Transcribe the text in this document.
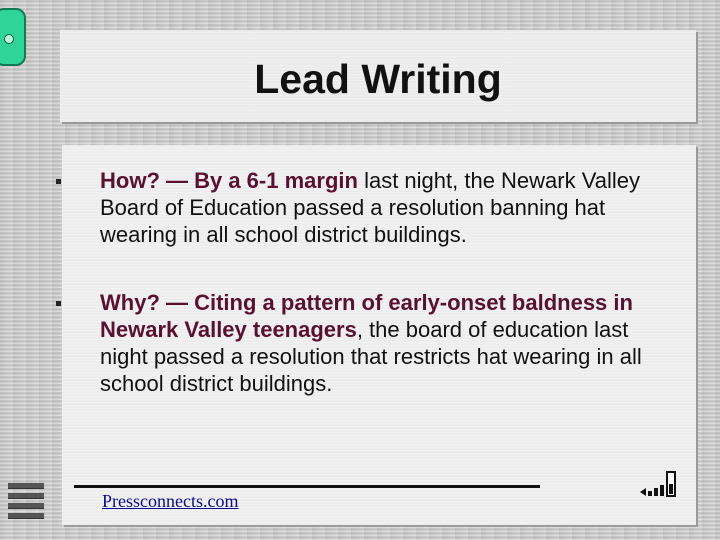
Lead Writing
How? — By a 6-1 margin last night, the Newark Valley Board of Education passed a resolution banning hat wearing in all school district buildings.
Why? — Citing a pattern of early-onset baldness in Newark Valley teenagers, the board of education last night passed a resolution that restricts hat wearing in all school district buildings.
Pressconnects.com
